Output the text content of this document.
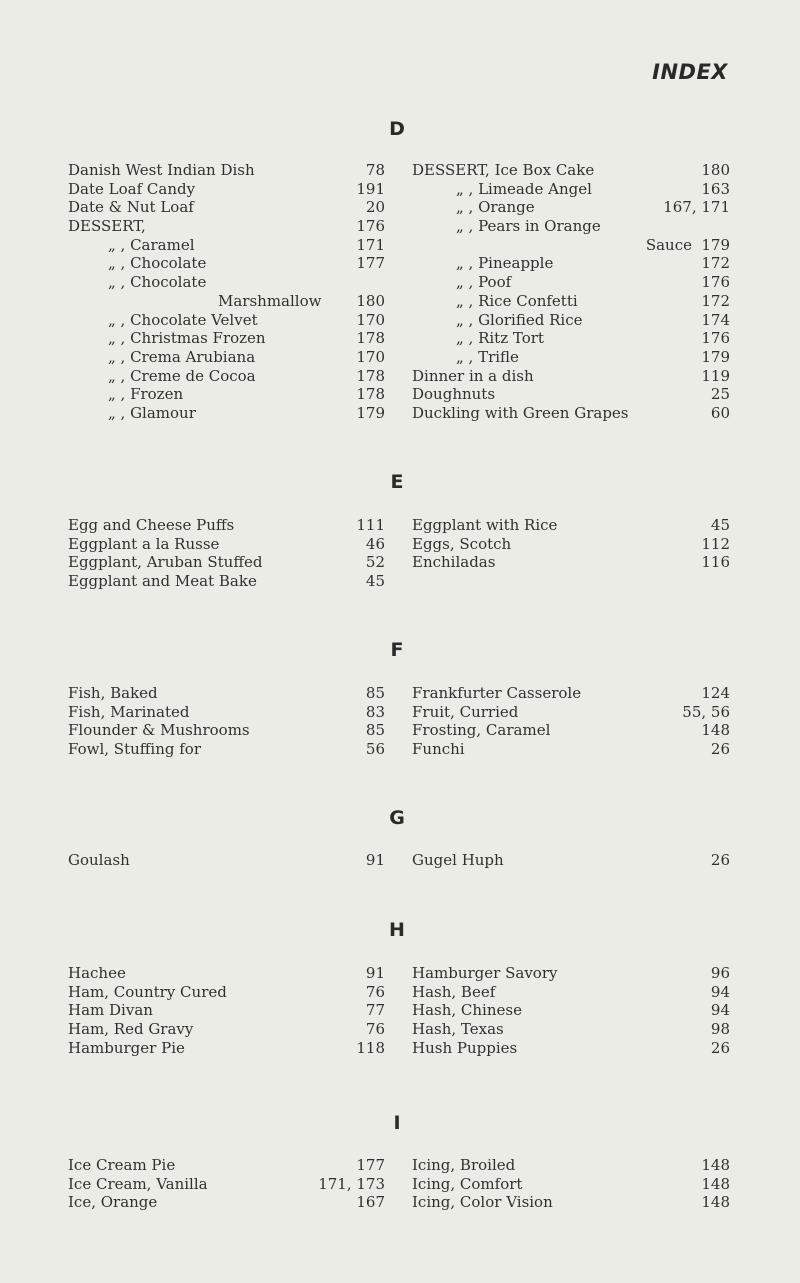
INDEX
D
Danish West Indian Dish	78
Date Loaf Candy	191
Date & Nut Loaf	20
DESSERT,	176
„ , Caramel	171
„ , Chocolate	177
„ , Chocolate
Marshmallow 180
„ , Chocolate Velvet	170
„ , Christmas Frozen	178
„ , Crema Arubiana	170
„ , Creme de Cocoa	178
„ , Frozen	178
„ , Glamour	179
DESSERT, Ice Box Cake	180
„ , Limeade Angel	163
„ , Orange	167, 171
„ , Pears in Orange
Sauce 179
„ , Pineapple	172
„ , Poof	176
„ , Rice Confetti	172
„ , Glorified Rice	174
„ , Ritz Tort	176
„ , Trifle	179
Dinner in a dish	119
Doughnuts	25
Duckling with Green Grapes	60
E
Egg and Cheese Puffs	111
Eggplant a la Russe	46
Eggplant, Aruban Stuffed	52
Eggplant and Meat Bake	45
Eggplant with Rice	45
Eggs, Scotch	112
Enchiladas	116
F
Fish, Baked	85
Fish, Marinated	83
Flounder & Mushrooms	85
Fowl, Stuffing for	56
Frankfurter Casserole	124
Fruit, Curried	55, 56
Frosting, Caramel	148
Funchi	26
G
Goulash	91 Gugel Huph	26
H
Hachee	91
Ham, Country Cured	76
Ham Divan	77
Ham, Red Gravy	76
Hamburger Pie	118
Hamburger Savory	96
Hash, Beef	94
Hash, Chinese	94
Hash, Texas	98
Hush Puppies	26
I
Ice Cream Pie	177
Ice Cream, Vanilla	171, 173
Ice, Orange	167
Icing, Broiled	148
Icing, Comfort	148
Icing, Color Vision	148
